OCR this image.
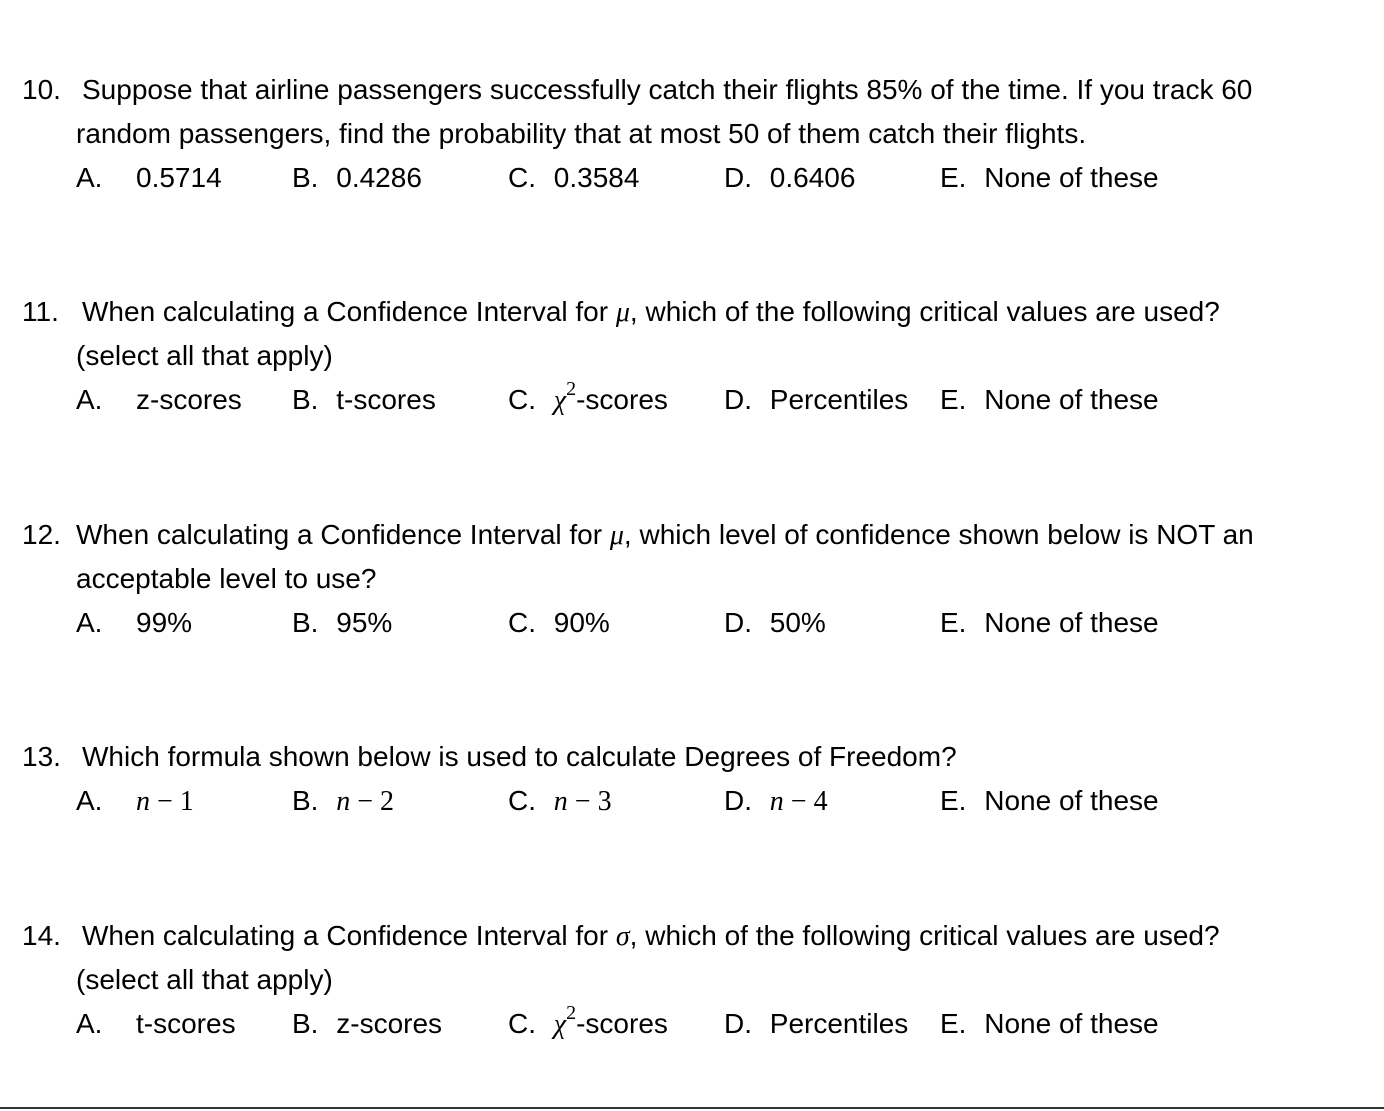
10. Suppose that airline passengers successfully catch their flights 85% of the time. If you track 60
random passengers, find the probability that at most 50 of them catch their flights.
A. 0.5714	B. 0.4286	C. 0.3584	D. 0.6406	E. None of these
11. When calculating a Confidence Interval for μ, which of the following critical values are used?
(select all that apply)
A. z-scores B. t-scores	C. $\chi^2$-scores D. Percentiles E. None of these
12. When calculating a Confidence Interval for μ, which level of confidence shown below is NOT an
acceptable level to use?
A. 99%	B. 95%	C. 90%	D. 50%	E. None of these
13. Which formula shown below is used to calculate Degrees of Freedom?
A. n − 1	B. n − 2	C. n − 3	D. n − 4	E. None of these
14. When calculating a Confidence Interval for σ, which of the following critical values are used?
(select all that apply)
A. t-scores B. z-scores C. $\chi^2$-scores D. Percentiles E. None of these
